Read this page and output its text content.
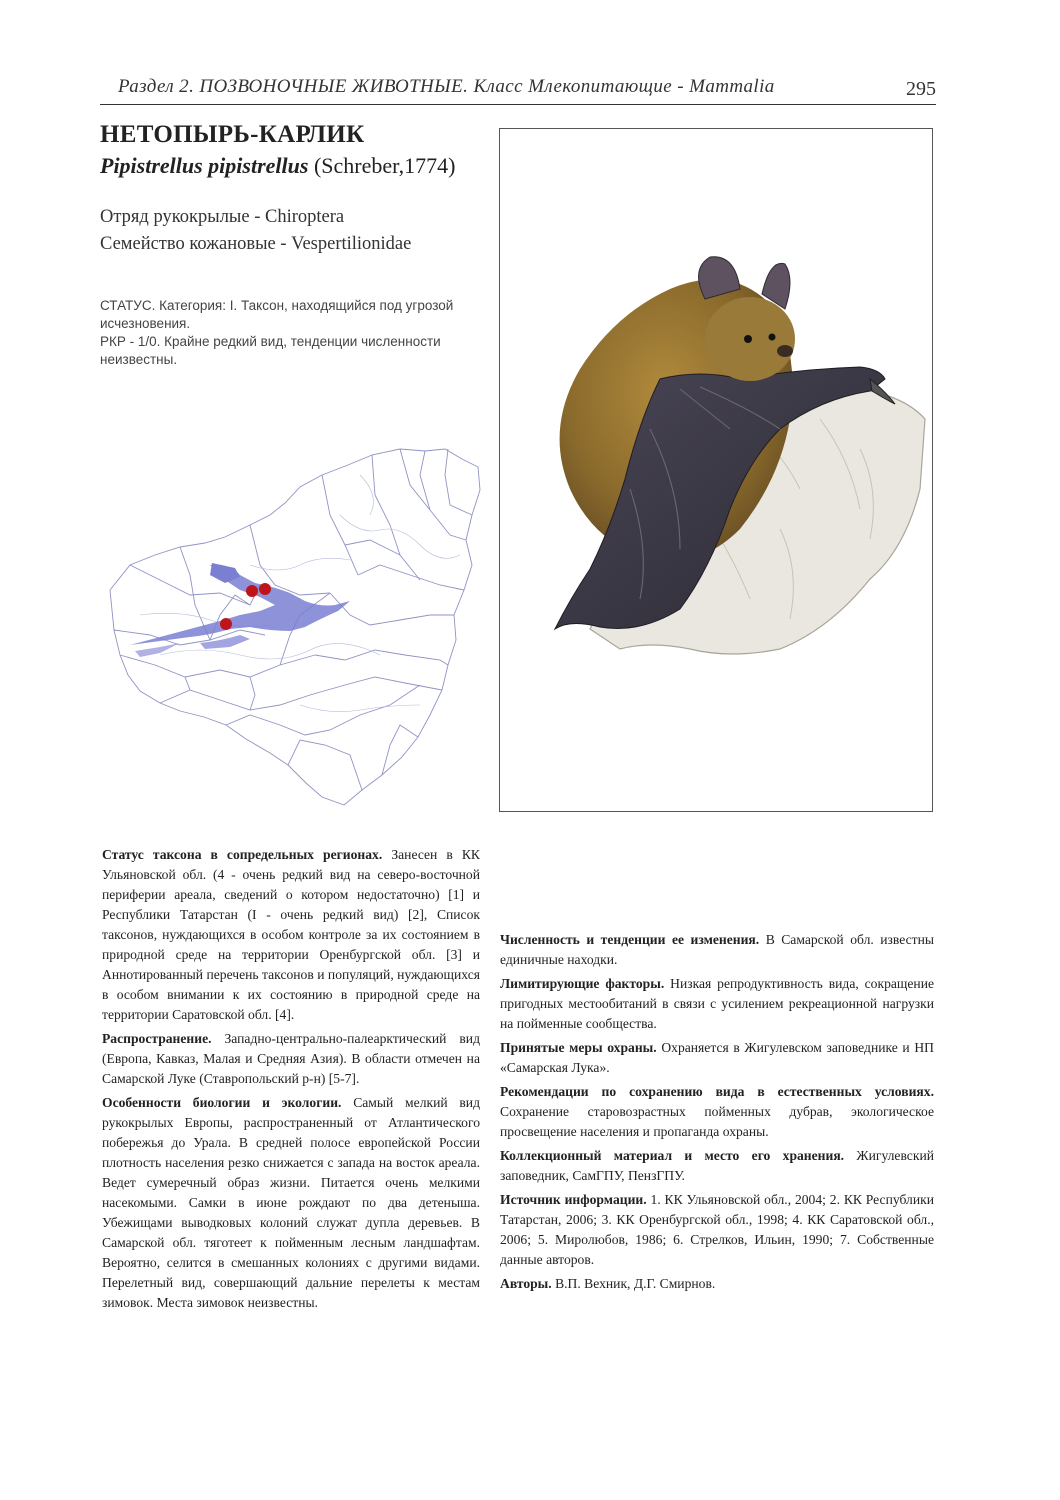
Раздел 2. ПОЗВОНОЧНЫЕ ЖИВОТНЫЕ. Класс Млекопитающие - Mammalia	295
НЕТОПЫРЬ-КАРЛИК
Pipistrellus pipistrellus (Schreber,1774)
Отряд рукокрылые - Chiroptera
Семейство кожановые - Vespertilionidae

СТАТУС. Категория: I. Таксон, находящийся под угрозой исчезновения.

РКР - 1/0. Крайне редкий вид, тенденции численности неизвестны.

Статус таксона в сопредельных регионах. Занесен в КК Ульяновской обл. (4 - очень редкий вид на северо-восточной периферии ареала, сведений о котором недостаточно) [1] и Республики Татарстан (I - очень редкий вид) [2], Список таксонов, нуждающихся в особом контроле за их состоянием в природной среде на территории Оренбургской обл. [3] и Аннотированный перечень таксонов и популяций, нуждающихся в особом внимании к их состоянию в природной среде на территории Саратовской обл. [4].

Распространение. Западно-центрально-палеарктический вид (Европа, Кавказ, Малая и Средняя Азия). В области отмечен на Самарской Луке (Ставропольский р-н) [5-7].

Особенности биологии и экологии. Самый мелкий вид рукокрылых Европы, распространенный от Атлантического побережья до Урала. В средней полосе европейской России плотность населения резко снижается с запада на восток ареала. Ведет сумеречный образ жизни. Питается очень мелкими насекомыми. Самки в июне рождают по два детеныша. Убежищами выводковых колоний служат дупла деревьев. В Самарской обл. тяготеет к пойменным лесным ландшафтам. Вероятно, селится в смешанных колониях с другими видами. Перелетный вид, совершающий дальние перелеты к местам зимовок. Места зимовок неизвестны.

Численность и тенденции ее изменения. В Самарской обл. известны единичные находки.

Лимитирующие факторы. Низкая репродуктивность вида, сокращение пригодных местообитаний в связи с усилением рекреационной нагрузки на пойменные сообщества.

Принятые меры охраны. Охраняется в Жигулевском заповеднике и НП «Самарская Лука».

Рекомендации по сохранению вида в естественных условиях. Сохранение старовозрастных пойменных дубрав, экологическое просвещение населения и пропаганда охраны.

Коллекционный материал и место его хранения. Жигулевский заповедник, СамГПУ, ПензГПУ.

Источник информации. 1. КК Ульяновской обл., 2004; 2. КК Республики Татарстан, 2006; 3. КК Оренбургской обл., 1998; 4. КК Саратовской обл., 2006; 5. Миролюбов, 1986; 6. Стрелков, Ильин, 1990; 7. Собственные данные авторов.

Авторы. В.П. Вехник, Д.Г. Смирнов.
